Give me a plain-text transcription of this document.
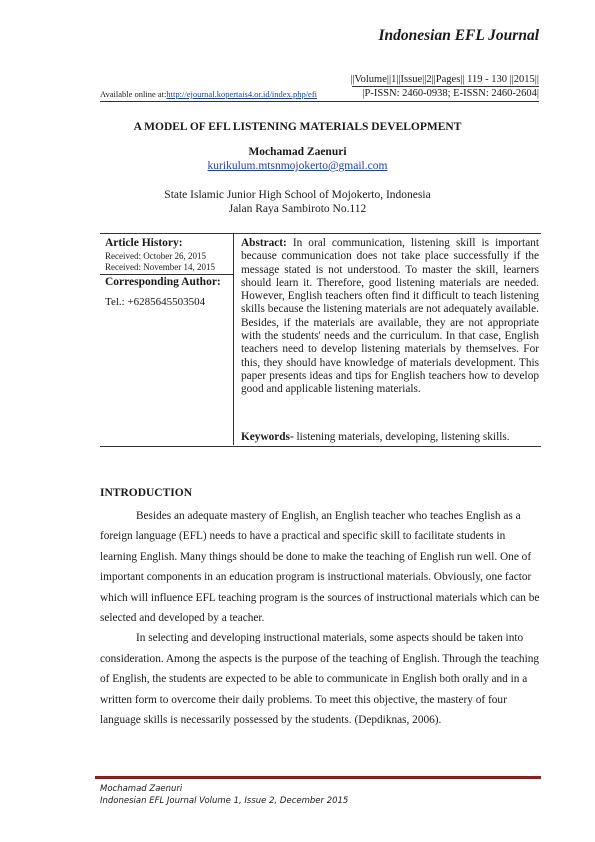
Indonesian EFL Journal
||Volume||1||Issue||2||Pages|| 119 - 130 ||2015||
|P-ISSN: 2460-0938; E-ISSN: 2460-2604|
Available online at:http://ejournal.kopertais4.or.id/index.php/efi
A MODEL OF EFL LISTENING MATERIALS DEVELOPMENT
Mochamad Zaenuri
kurikulum.mtsnmojokerto@gmail.com
State Islamic Junior High School of Mojokerto, Indonesia
Jalan Raya Sambiroto No.112
Article History:
Received: October 26, 2015
Received: November 14, 2015
Corresponding Author:
Tel.: +6285645503504
Abstract: In oral communication, listening skill is important because communication does not take place successfully if the message stated is not understood. To master the skill, learners should learn it. Therefore, good listening materials are needed. However, English teachers often find it difficult to teach listening skills because the listening materials are not adequately available. Besides, if the materials are available, they are not appropriate with the students' needs and the curriculum. In that case, English teachers need to develop listening materials by themselves. For this, they should have knowledge of materials development. This paper presents ideas and tips for English teachers how to develop good and applicable listening materials.
Keywords- listening materials, developing, listening skills.
INTRODUCTION

Besides an adequate mastery of English, an English teacher who teaches English as a foreign language (EFL) needs to have a practical and specific skill to facilitate students in learning English. Many things should be done to make the teaching of English run well. One of important components in an education program is instructional materials. Obviously, one factor which will influence EFL teaching program is the sources of instructional materials which can be selected and developed by a teacher.

In selecting and developing instructional materials, some aspects should be taken into consideration. Among the aspects is the purpose of the teaching of English. Through the teaching of English, the students are expected to be able to communicate in English both orally and in a written form to overcome their daily problems. To meet this objective, the mastery of four language skills is necessarily possessed by the students. (Depdiknas, 2006).

Mochamad Zaenuri
Indonesian EFL Journal Volume 1, Issue 2, December 2015
